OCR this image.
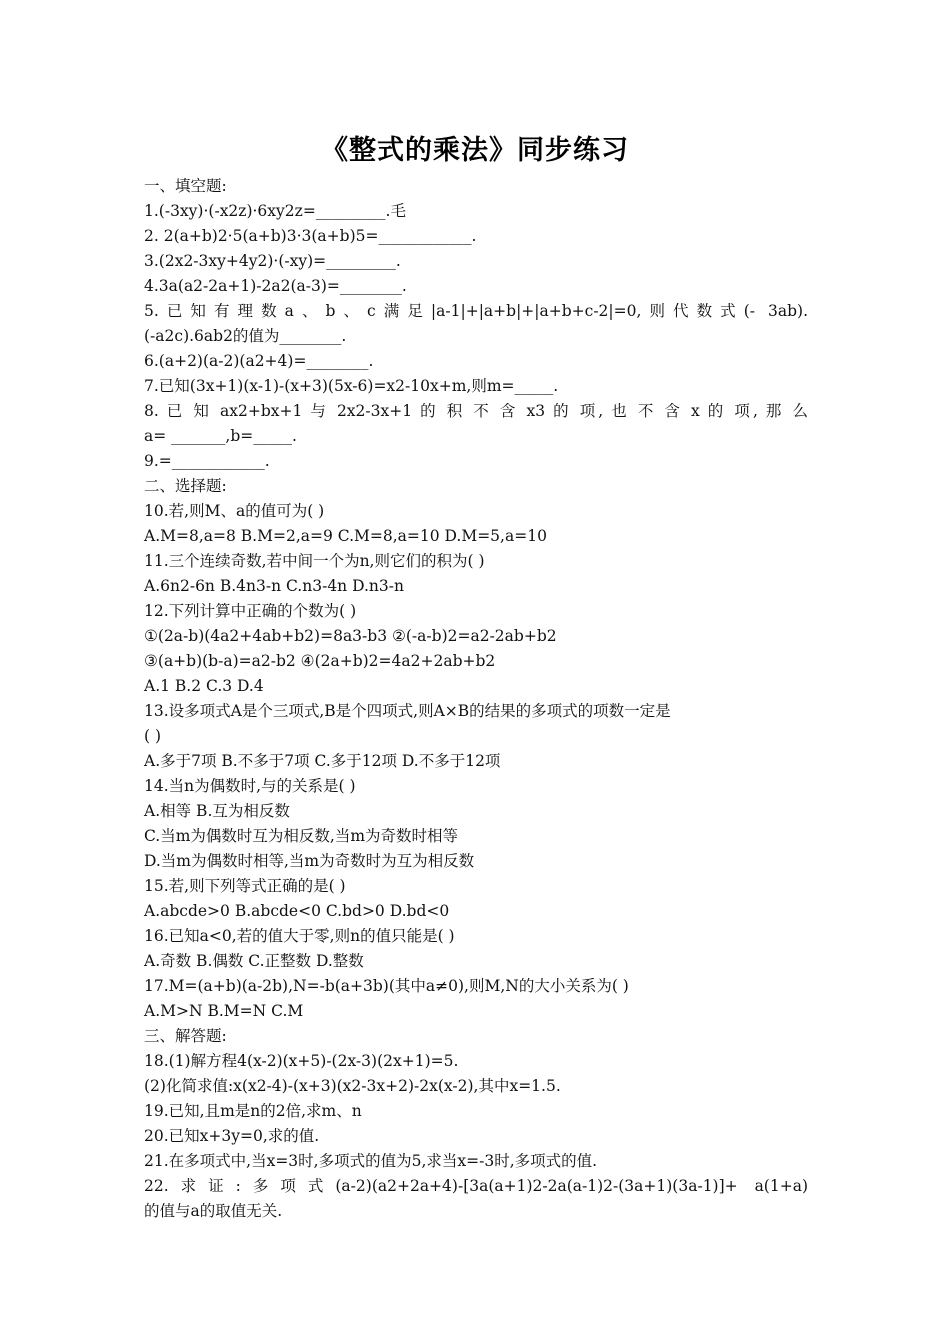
《整式的乘法》同步练习
一、填空题:
1.(-3xy)·(-x2z)·6xy2z=_________.毛
2. 2(a+b)2·5(a+b)3·3(a+b)5=____________.
3.(2x2-3xy+4y2)·(-xy)=_________.
4.3a(a2-2a+1)-2a2(a-3)=________.
5.已知有理数a、b、c满足|a-1|+|a+b|+|a+b+c-2|=0,则代数式(- 3ab).
(-a2c).6ab2的值为________.
6.(a+2)(a-2)(a2+4)=________.
7.已知(3x+1)(x-1)-(x+3)(5x-6)=x2-10x+m,则m=_____.
8. 已 知 ax2+bx+1 与 2x2-3x+1 的 积 不 含 x3 的 项, 也 不 含 x 的 项, 那 么
a= _______,b=_____.
9.=____________.
二、选择题:
10.若,则M、a的值可为( )
A.M=8,a=8 B.M=2,a=9 C.M=8,a=10 D.M=5,a=10
11.三个连续奇数,若中间一个为n,则它们的积为( )
A.6n2-6n B.4n3-n C.n3-4n D.n3-n
12.下列计算中正确的个数为( )
①(2a-b)(4a2+4ab+b2)=8a3-b3 ②(-a-b)2=a2-2ab+b2
③(a+b)(b-a)=a2-b2 ④(2a+b)2=4a2+2ab+b2
A.1 B.2 C.3 D.4
13.设多项式A是个三项式,B是个四项式,则A×B的结果的多项式的项数一定是
( )
A.多于7项 B.不多于7项 C.多于12项 D.不多于12项
14.当n为偶数时,与的关系是( )
A.相等 B.互为相反数
C.当m为偶数时互为相反数,当m为奇数时相等
D.当m为偶数时相等,当m为奇数时为互为相反数
15.若,则下列等式正确的是( )
A.abcde>0 B.abcde<0 C.bd>0 D.bd<0
16.已知a<0,若的值大于零,则n的值只能是( )
A.奇数 B.偶数 C.正整数 D.整数
17.M=(a+b)(a-2b),N=-b(a+3b)(其中a≠0),则M,N的大小关系为( )
A.M>N B.M=N C.M
三、解答题:
18.(1)解方程4(x-2)(x+5)-(2x-3)(2x+1)=5.
(2)化简求值:x(x2-4)-(x+3)(x2-3x+2)-2x(x-2),其中x=1.5.
19.已知,且m是n的2倍,求m、n
20.已知x+3y=0,求的值.
21.在多项式中,当x=3时,多项式的值为5,求当x=-3时,多项式的值.
22.求证:多项式(a-2)(a2+2a+4)-[3a(a+1)2-2a(a-1)2-(3a+1)(3a-1)]+ a(1+a)
的值与a的取值无关.
